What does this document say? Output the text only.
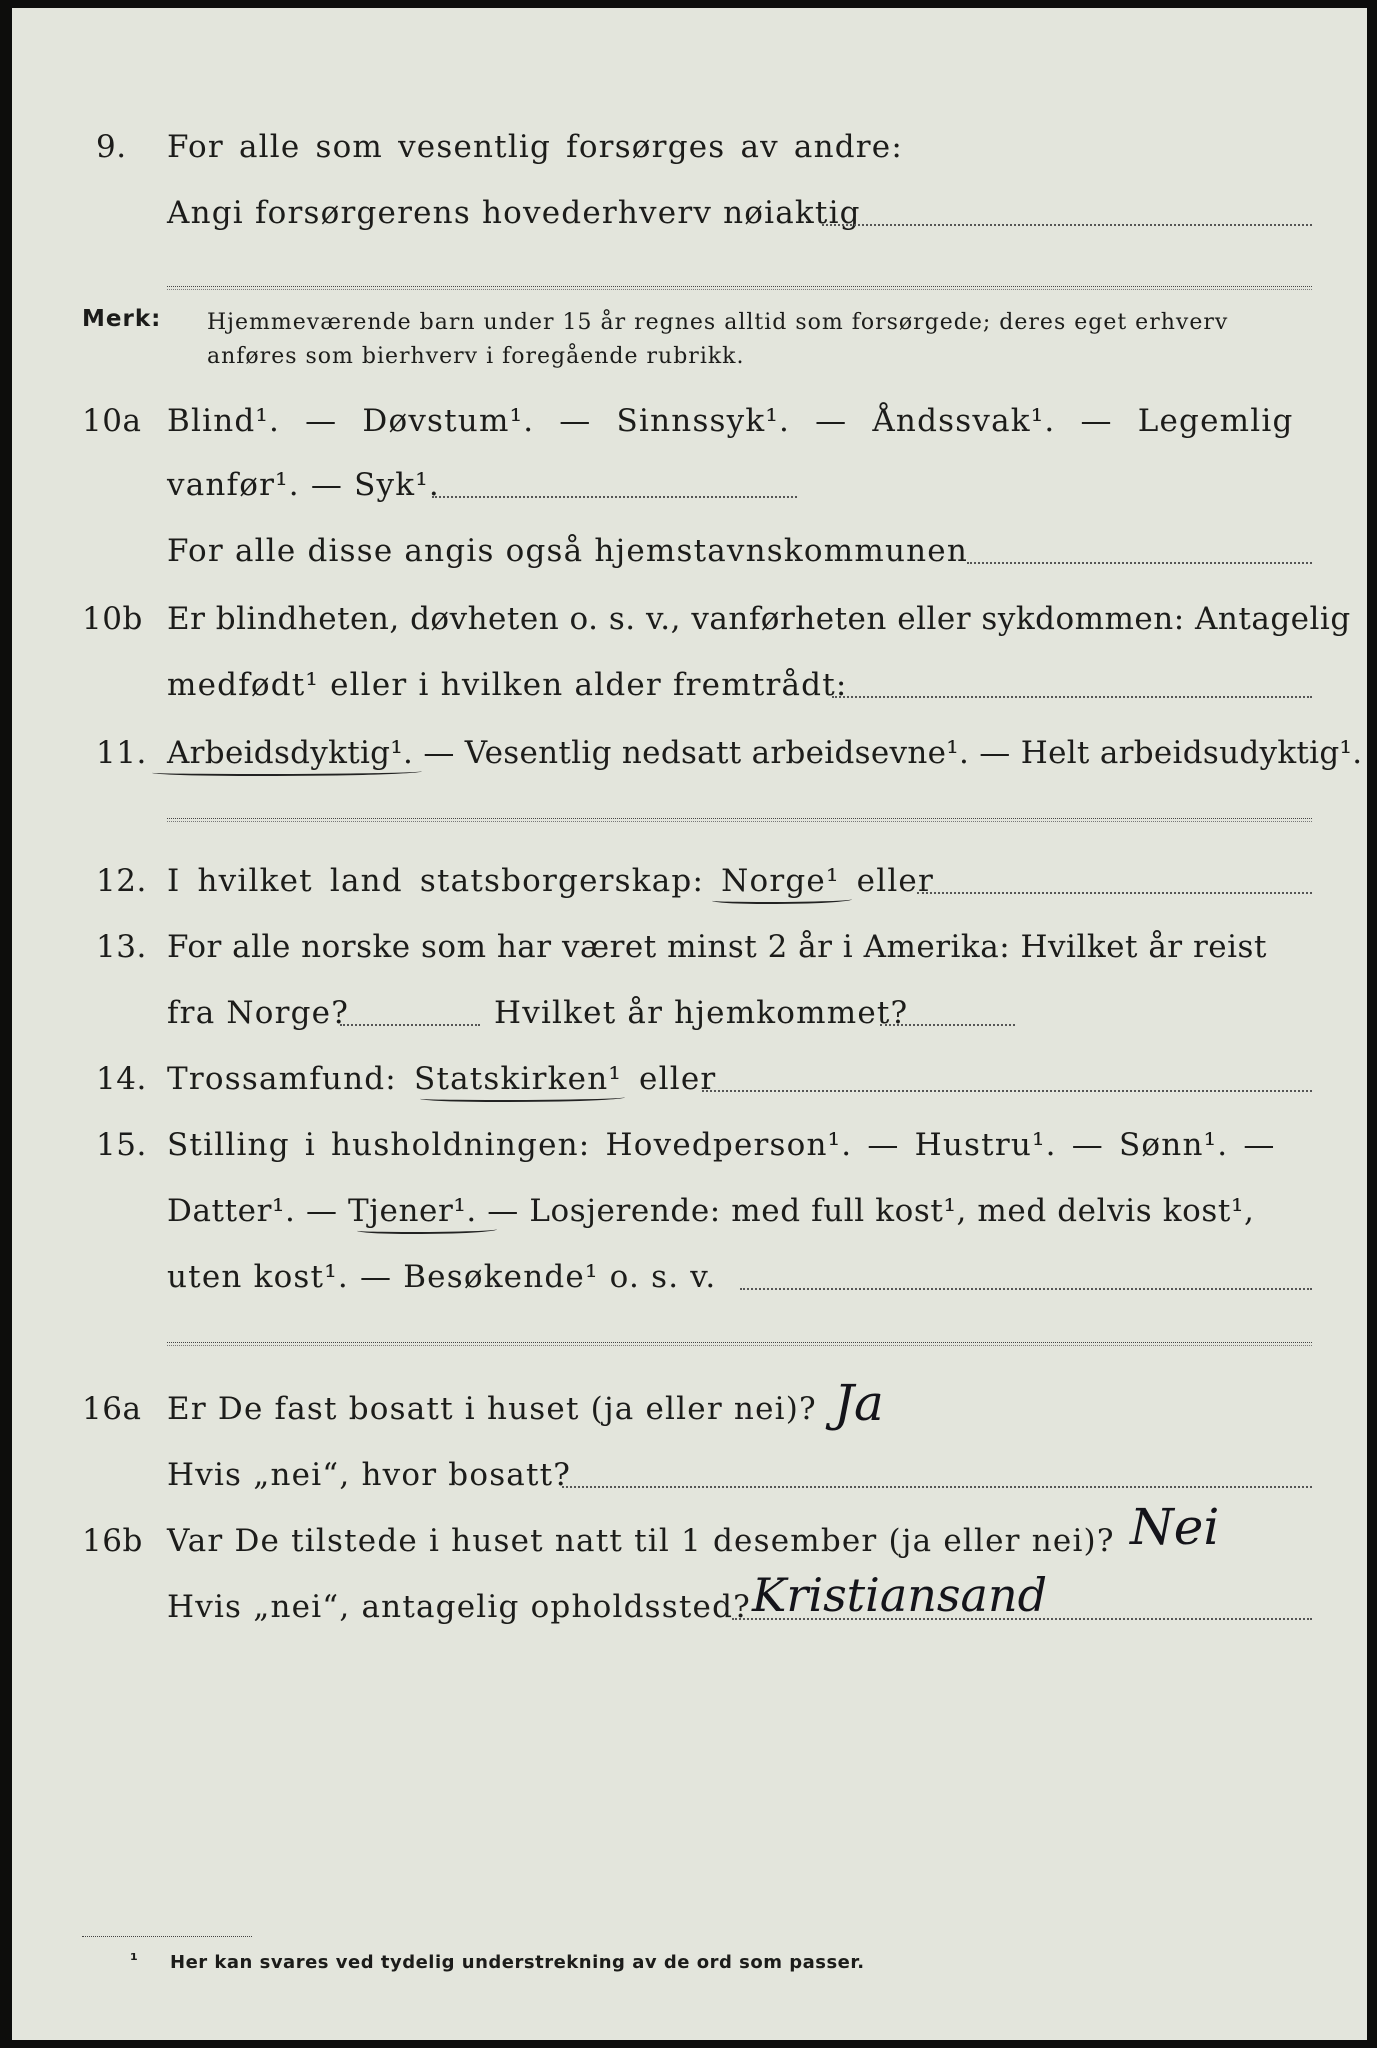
9. For alle som vesentlig forsørges av andre:
Angi forsørgerens hovederhverv nøiaktig
Merk: Hjemmeværende barn under 15 år regnes alltid som forsørgede; deres eget erhverv
anføres som bierhverv i foregående rubrikk.
10a Blind¹. — Døvstum¹. — Sinnssyk¹. — Åndssvak¹. — Legemlig
vanfør¹. — Syk¹.
For alle disse angis også hjemstavnskommunen
10b Er blindheten, døvheten o. s. v., vanførheten eller sykdommen: Antagelig
medfødt¹ eller i hvilken alder fremtrådt:
11. Arbeidsdyktig¹. — Vesentlig nedsatt arbeidsevne¹. — Helt arbeidsudyktig¹.
12. I hvilket land statsborgerskap: Norge¹ eller
13. For alle norske som har været minst 2 år i Amerika: Hvilket år reist
fra Norge?	Hvilket år hjemkommet?
14. Trossamfund: Statskirken¹ eller
15. Stilling i husholdningen: Hovedperson¹. — Hustru¹. — Sønn¹. —
Datter¹. — Tjener¹. — Losjerende: med full kost¹, med delvis kost¹,
uten kost¹. — Besøkende¹ o. s. v.
16a Er De fast bosatt i huset (ja eller nei)? Ja
Hvis „nei“, hvor bosatt?
16b Var De tilstede i huset natt til 1 desember (ja eller nei)? Nei
Hvis „nei“, antagelig opholdssted? Kristiansand
¹ Her kan svares ved tydelig understrekning av de ord som passer.
